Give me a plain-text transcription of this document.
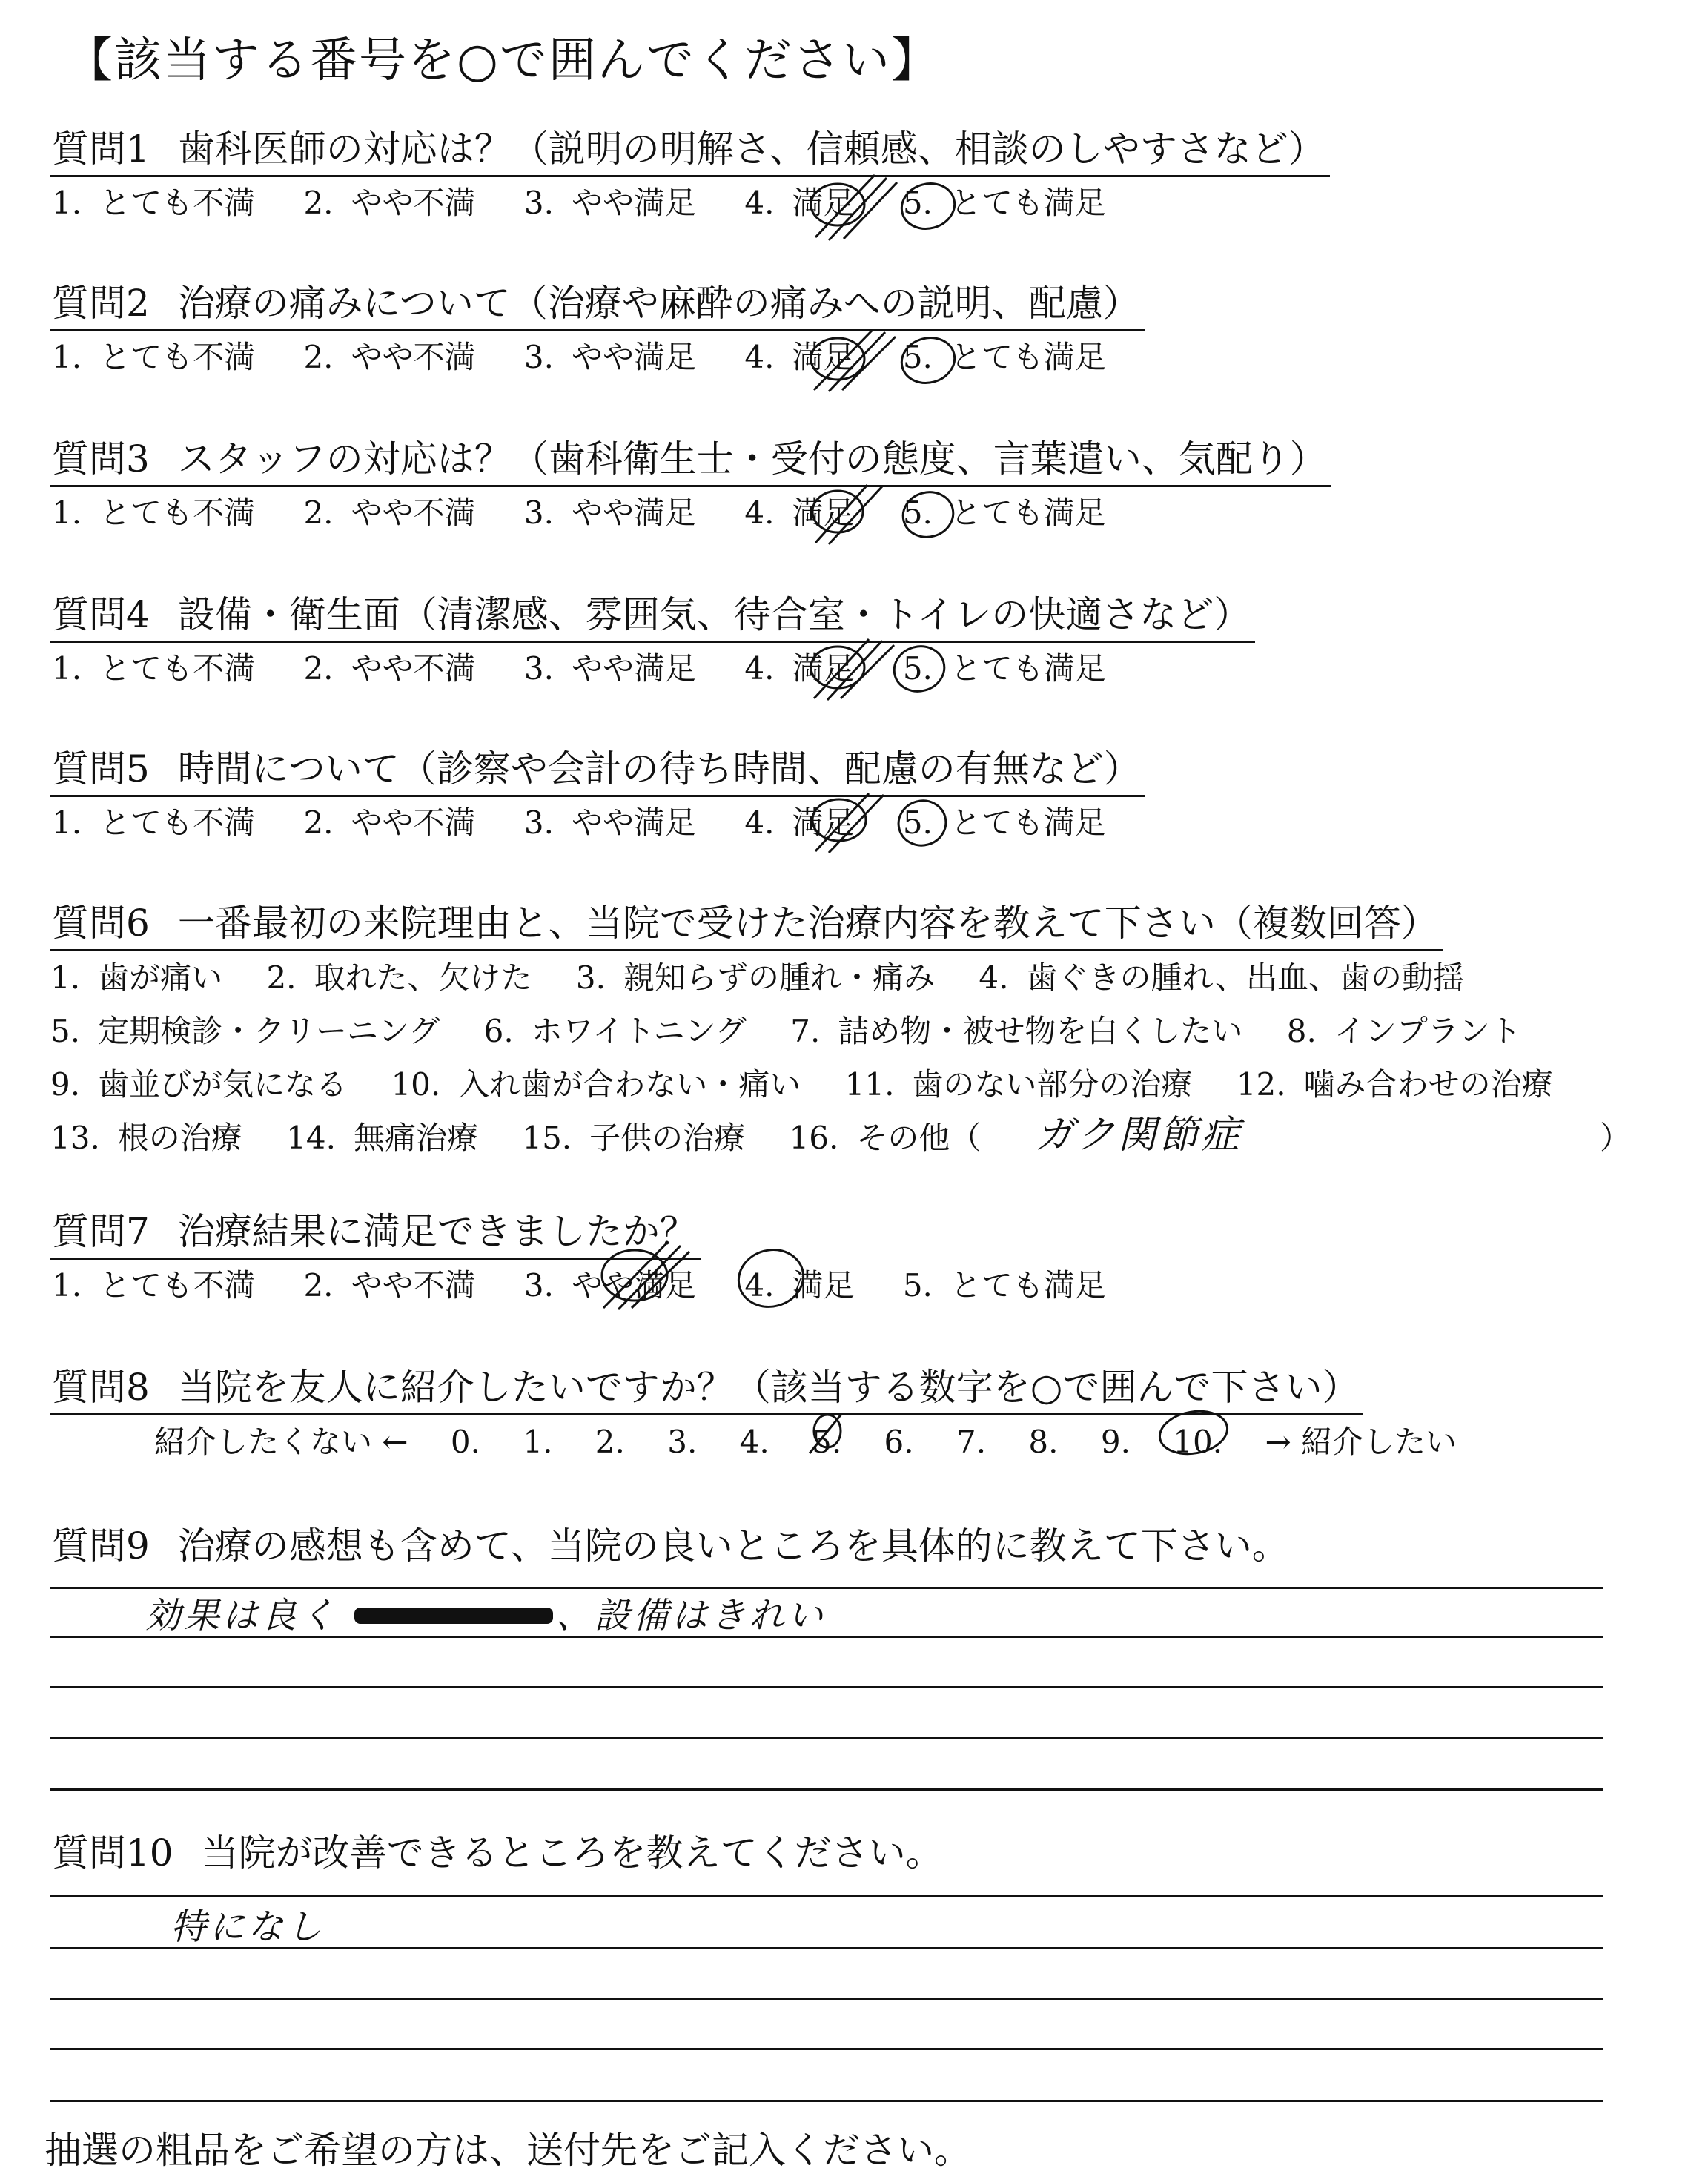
【該当する番号を○で囲んでください】
質問1 歯科医師の対応は？（説明の明解さ、信頼感、相談のしやすさなど）
1. とても不満 2. やや不満 3. やや満足 4. 満足 5. とても満足
質問2 治療の痛みについて（治療や麻酔の痛みへの説明、配慮）
1. とても不満 2. やや不満 3. やや満足 4. 満足 5. とても満足
質問3 スタッフの対応は？（歯科衛生士・受付の態度、言葉遣い、気配り）
1. とても不満 2. やや不満 3. やや満足 4. 満足 5. とても満足
質問4 設備・衛生面（清潔感、雰囲気、待合室・トイレの快適さなど）
1. とても不満 2. やや不満 3. やや満足 4. 満足 5. とても満足
質問5 時間について（診察や会計の待ち時間、配慮の有無など）
1. とても不満 2. やや不満 3. やや満足 4. 満足 5. とても満足
質問6 一番最初の来院理由と、当院で受けた治療内容を教えて下さい（複数回答）
1. 歯が痛い 2. 取れた、欠けた 3. 親知らずの腫れ・痛み 4. 歯ぐきの腫れ、出血、歯の動揺
5. 定期検診・クリーニング 6. ホワイトニング 7. 詰め物・被せ物を白くしたい 8. インプラント
9. 歯並びが気になる 10. 入れ歯が合わない・痛い 11. 歯のない部分の治療 12. 噛み合わせの治療
13. 根の治療 14. 無痛治療 15. 子供の治療 16. その他（	）
ガク関節症
質問7 治療結果に満足できましたか？
1. とても不満 2. やや不満 3. やや満足 4. 満足 5. とても満足
質問8 当院を友人に紹介したいですか？（該当する数字を○で囲んで下さい）
紹介したくない ← 0. 1. 2. 3. 4. 5. 6. 7. 8. 9. 10. → 紹介したい
質問9 治療の感想も含めて、当院の良いところを具体的に教えて下さい。
効果は良く	、設備はきれい
質問10 当院が改善できるところを教えてください。
特になし
抽選の粗品をご希望の方は、送付先をご記入ください。
